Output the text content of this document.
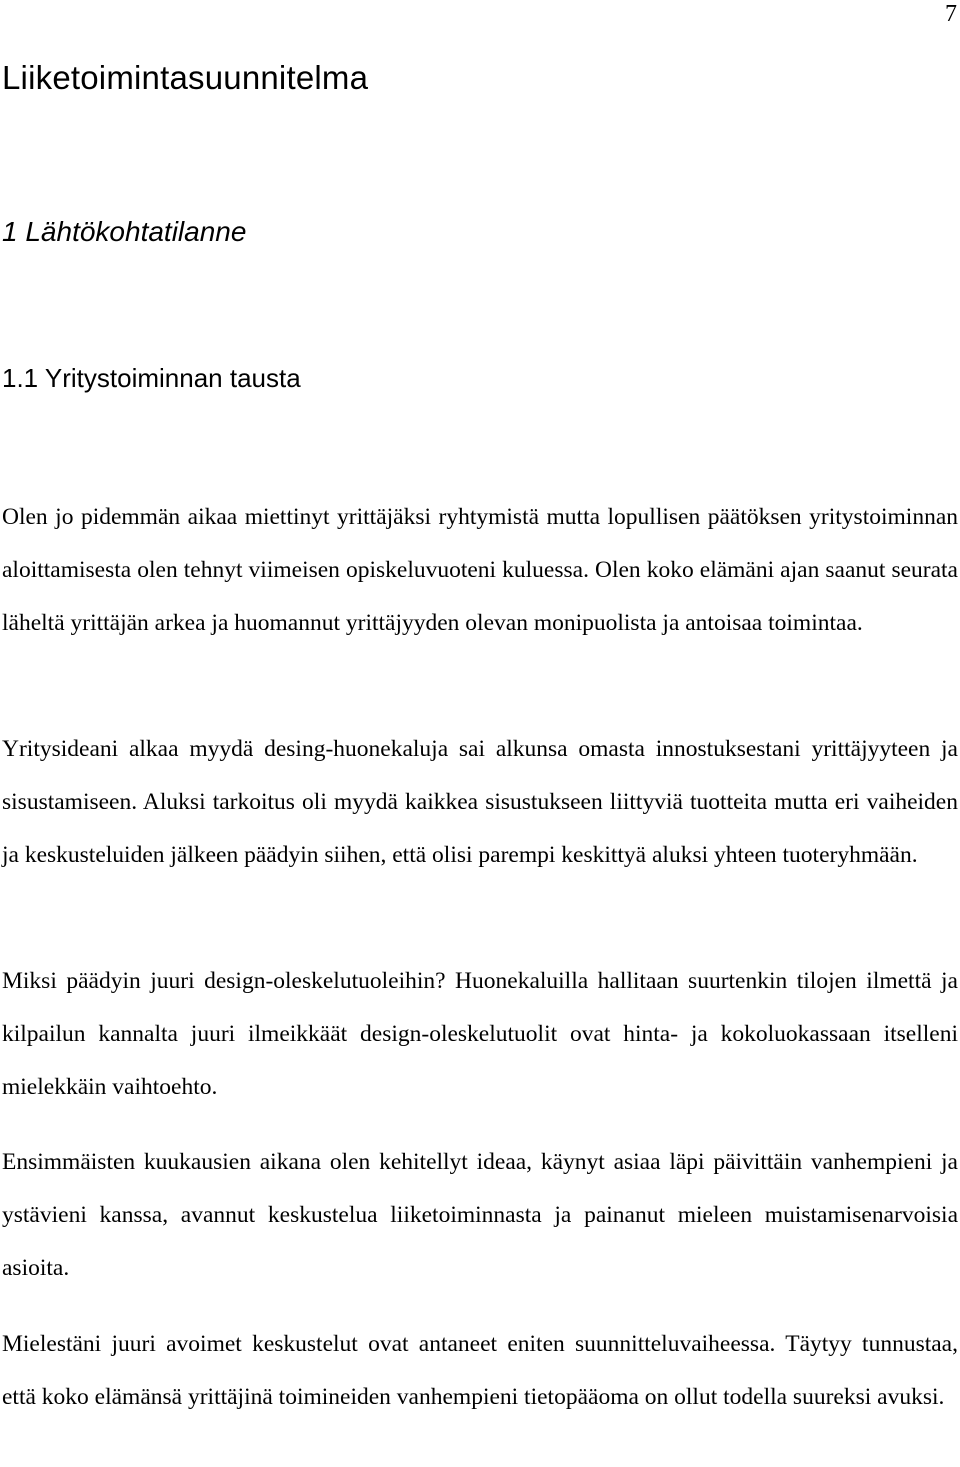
7
Liiketoimintasuunnitelma
1 Lähtökohtatilanne
1.1 Yritystoiminnan tausta

Olen jo pidemmän aikaa miettinyt yrittäjäksi ryhtymistä mutta lopullisen päätöksen yritystoiminnan aloittamisesta olen tehnyt viimeisen opiskeluvuoteni kuluessa. Olen koko elämäni ajan saanut seurata läheltä yrittäjän arkea ja huomannut yrittäjyyden olevan monipuolista ja antoisaa toimintaa.

Yritysideani alkaa myydä desing-huonekaluja sai alkunsa omasta innostuksestani yrittäjyyteen ja sisustamiseen. Aluksi tarkoitus oli myydä kaikkea sisustukseen liittyviä tuotteita mutta eri vaiheiden ja keskusteluiden jälkeen päädyin siihen, että olisi parempi keskittyä aluksi yhteen tuoteryhmään.

Miksi päädyin juuri design-oleskelutuoleihin? Huonekaluilla hallitaan suurtenkin tilojen ilmettä ja kilpailun kannalta juuri ilmeikkäät design-oleskelutuolit ovat hinta- ja kokoluokassaan itselleni mielekkäin vaihtoehto.

Ensimmäisten kuukausien aikana olen kehitellyt ideaa, käynyt asiaa läpi päivittäin vanhempieni ja ystävieni kanssa, avannut keskustelua liiketoiminnasta ja painanut mieleen muistamisenarvoisia asioita.

Mielestäni juuri avoimet keskustelut ovat antaneet eniten suunnitteluvaiheessa. Täytyy tunnustaa, että koko elämänsä yrittäjinä toimineiden vanhempieni tietopääoma on ollut todella suureksi avuksi.
